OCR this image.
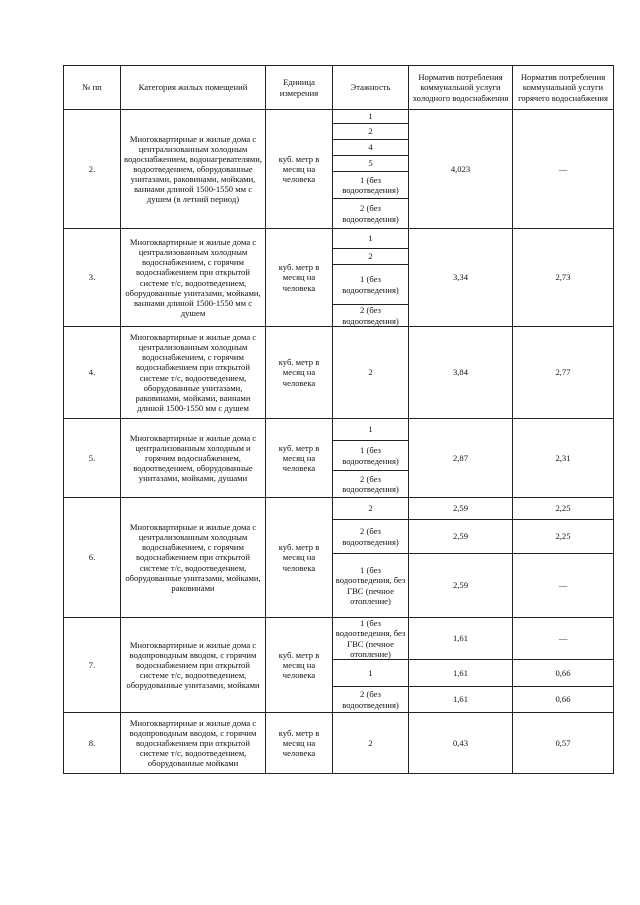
№ пп	Категория жилых помещений	Единица измерения	Этажность	Норматив потребления коммунальной услуги холодного водоснабжения	Норматив потребления коммунальной услуги горячего водоснабжения
2.	Многоквартирные и жилые дома с централизованным холодным водоснабжением, водонагревателями, водоотведением, оборудованные унитазами, раковинами, мойками, ваннами длиной 1500-1550 мм с душем (в летний период)	куб. метр в месяц на человека	1	4,023	—
			2		
			4		
			5		
			1 (без водоотведения)		
			2 (без водоотведения)		
3.	Многоквартирные и жилые дома с централизованным холодным водоснабжением, с горячим водоснабжением при открытой системе т/с, водоотведением, оборудованные унитазами, мойками, ваннами длиной 1500-1550 мм с душем	куб. метр в месяц на человека	1	3,34	2,73
			2		
			1 (без водоотведения)		
			2 (без водоотведения)		
4.	Многоквартирные и жилые дома с централизованным холодным водоснабжением, с горячим водоснабжением при открытой системе т/с, водоотведением, оборудованные унитазами, раковинами, мойками, ваннами длиной 1500-1550 мм с душем	куб. метр в месяц на человека	2	3,84	2,77
5.	Многоквартирные и жилые дома с централизованным холодным и горячим водоснабжением, водоотведением, оборудованные унитазами, мойками, душами	куб. метр в месяц на человека	1	2,87	2,31
			1 (без водоотведения)		
			2 (без водоотведения)		
6.	Многоквартирные и жилые дома с централизованным холодным водоснабжением, с горячим водоснабжением при открытой системе т/с, водоотведением, оборудованные унитазами, мойками, раковинами	куб. метр в месяц на человека	2	2,59	2,25
			2 (без водоотведения)	2,59	2,25
			1 (без водоотведения, без ГВС (печное отопление)	2,59	—
7.	Многоквартирные и жилые дома с водопроводным вводом, с горячим водоснабжением при открытой системе т/с, водоотведением, оборудованные унитазами, мойками	куб. метр в месяц на человека	1 (без водоотведения, без ГВС (печное отопление)	1,61	—
			1	1,61	0,66
			2 (без водоотведения)	1,61	0,66
8.	Многоквартирные и жилые дома с водопроводным вводом, с горячим водоснабжением при открытой системе т/с, водоотведением, оборудованные мойками	куб. метр в месяц на человека	2	0,43	0,57
